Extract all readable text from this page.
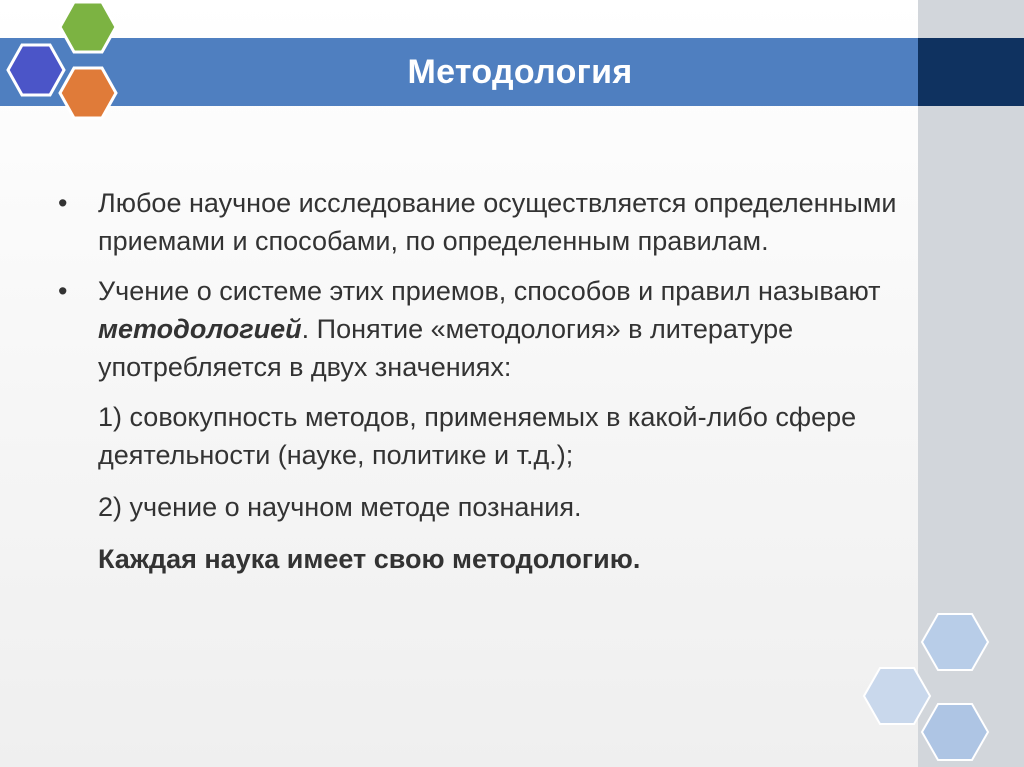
Методология
• Любое научное исследование осуществляется определенными приемами и способами, по определенным правилам.
• Учение о системе этих приемов, способов и правил называют методологией. Понятие «методология» в литературе употребляется в двух значениях:
1) совокупность методов, применяемых в какой-либо сфере деятельности (науке, политике и т.д.);
2) учение о научном методе познания.
Каждая наука имеет свою методологию.
